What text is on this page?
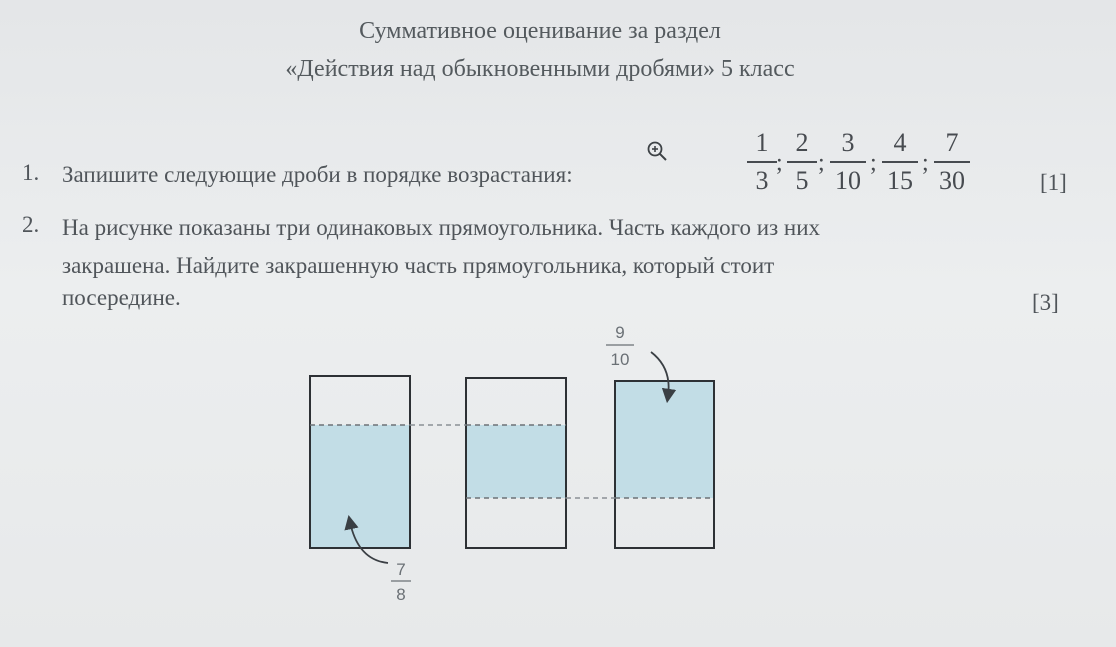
Суммативное оценивание за раздел
«Действия над обыкновенными дробями» 5 класс
1. Запишите следующие дроби в порядке возрастания:
1
3
;
2
5
;
3
10
;
4
15
;
7
30	[1]
2. На рисунке показаны три одинаковых прямоугольника. Часть каждого из них
закрашена. Найдите закрашенную часть прямоугольника, который стоит
посередине.	[3]
7
8
9
10
